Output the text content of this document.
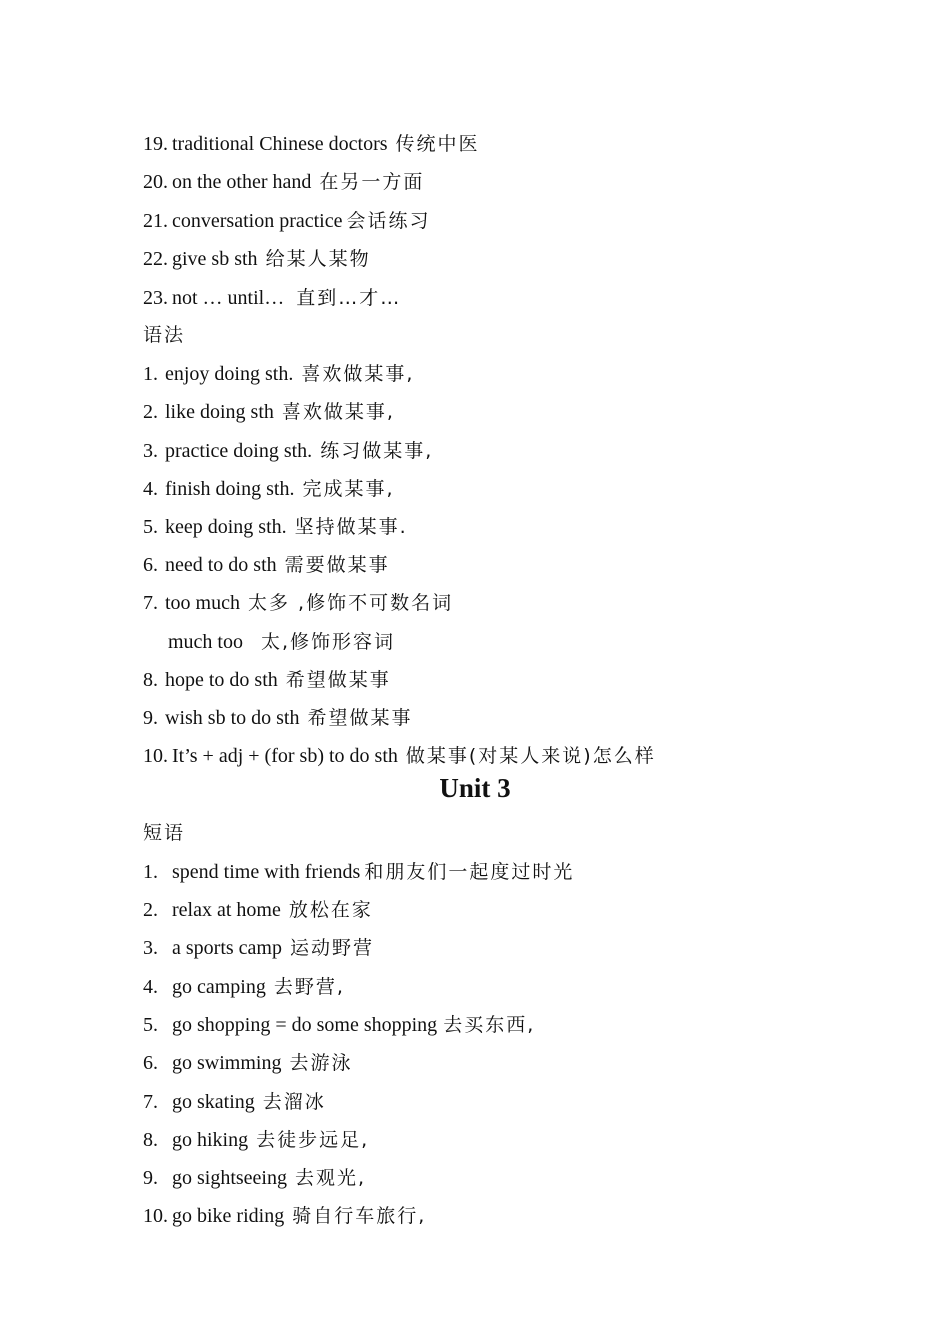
19. traditional Chinese doctors 传统中医
20. on the other hand 在另一方面
21. conversation practice 会话练习
22. give sb sth 给某人某物
23. not … until… 直到…才…
语法
1. enjoy doing sth. 喜欢做某事,
2. like doing sth 喜欢做某事,
3. practice doing sth. 练习做某事,
4. finish doing sth. 完成某事,
5. keep doing sth. 坚持做某事.
6. need to do sth 需要做某事
7. too much 太多 ,修饰不可数名词
much too 太,修饰形容词
8. hope to do sth 希望做某事
9. wish sb to do sth 希望做某事
10. It’s + adj + (for sb) to do sth 做某事(对某人来说)怎么样
Unit 3
短语
1. spend time with friends 和朋友们一起度过时光
2. relax at home 放松在家
3. a sports camp 运动野营
4. go camping 去野营,
5. go shopping = do some shopping 去买东西,
6. go swimming 去游泳
7. go skating 去溜冰
8. go hiking 去徒步远足,
9. go sightseeing 去观光,
10. go bike riding 骑自行车旅行,
